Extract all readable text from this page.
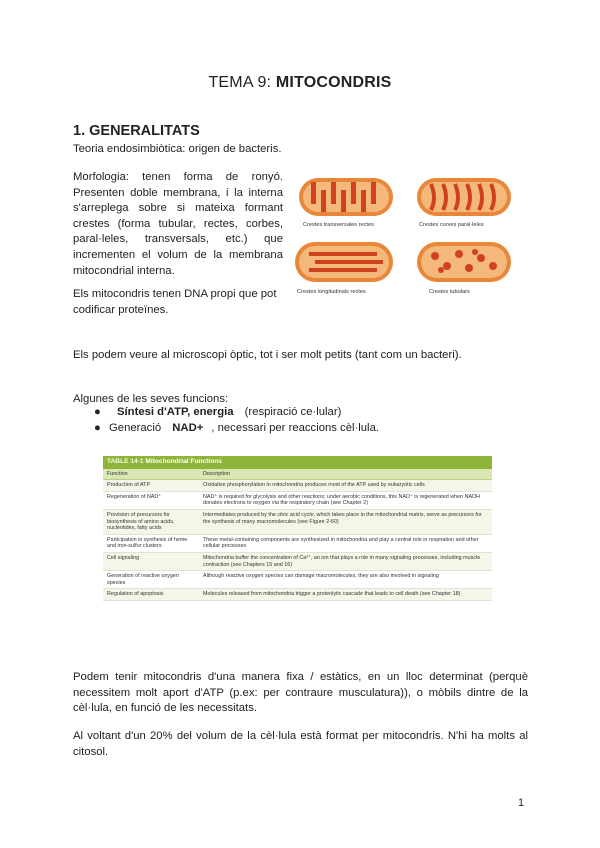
TEMA 9: MITOCONDRIS
1. GENERALITATS
Teoria endosimbiòtica: origen de bacteris.
Morfologia: tenen forma de ronyó. Presenten doble membrana, i la interna s'arreplega sobre si mateixa formant crestes (forma tubular, rectes, corbes, paral·leles, transversals, etc.) que incrementen el volum de la membrana mitocondrial interna.
Els mitocondris tenen DNA propi que pot codificar proteïnes.
Crestes transversales rectes	Crestes curves paral·leles
Crestes longitudinals rectes	Crestes tubulars
Els podem veure al microscopi òptic, tot i ser molt petits (tant com un bacteri).
Algunes de les seves funcions:
● Síntesi d'ATP, energia (respiració ce·lular)
● Generació NAD+ , necessari per reaccions cèl·lula.
TABLE 14-1 Mitochondrial Functions
Function	Description
Production of ATP	Oxidative phosphorylation in mitochondria produces most of the ATP used by eukaryotic cells
Regeneration of NAD⁺	NAD⁺ is required for glycolysis and other reactions; under aerobic conditions, this NAD⁺ is regenerated when NADH donates electrons to oxygen via the respiratory chain (see Chapter 2)
Provision of precursors for biosynthesis of amino acids, nucleotides, fatty acids	Intermediates produced by the citric acid cycle, which takes place in the mitochondrial matrix, serve as precursors for the synthesis of many macromolecules (see Figure 2-60)
Participation in synthesis of heme and iron-sulfur clusters	These metal-containing components are synthesized in mitochondria and play a central role in respiration and other cellular processes
Cell signaling	Mitochondria buffer the concentration of Ca²⁺, an ion that plays a role in many signaling processes, including muscle contraction (see Chapters 15 and 16)
Generation of reactive oxygen species	Although reactive oxygen species can damage macromolecules, they are also involved in signaling
Regulation of apoptosis	Molecules released from mitochondria trigger a proteolytic cascade that leads to cell death (see Chapter 18)
Podem tenir mitocondris d'una manera fixa / estàtics, en un lloc determinat (perquè necessitem molt aport d'ATP (p.ex: per contraure musculatura)), o mòbils dintre de la cèl·lula, en funció de les necessitats.
Al voltant d'un 20% del volum de la cèl·lula està format per mitocondris. N'hi ha molts al citosol.
1
